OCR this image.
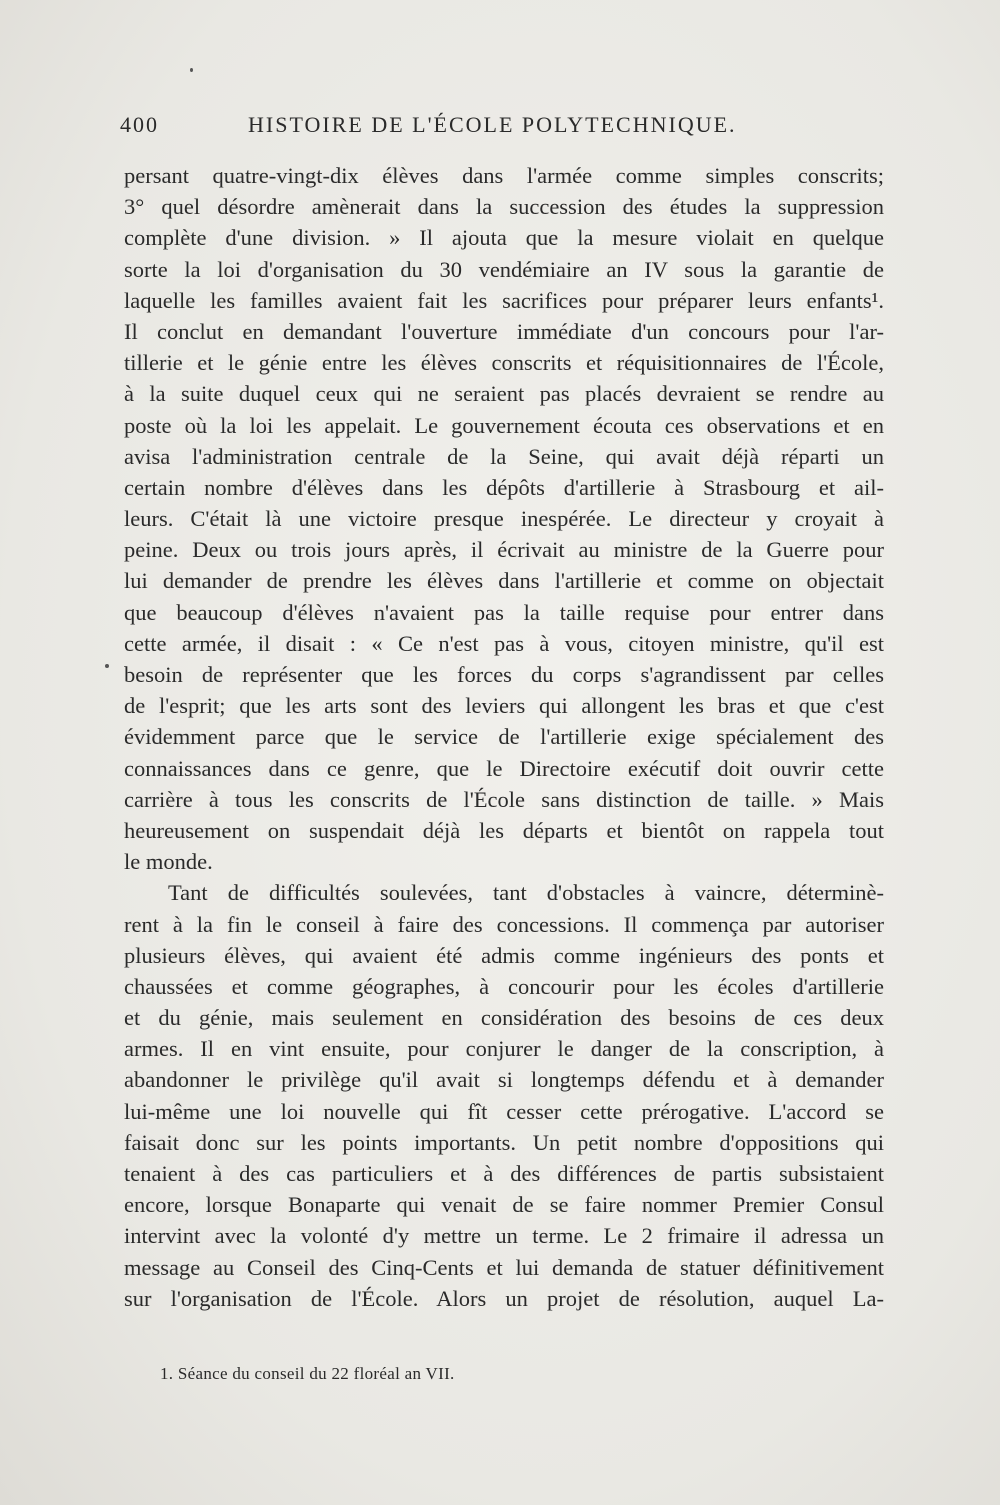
400	HISTOIRE DE L'ÉCOLE POLYTECHNIQUE.
persant quatre-vingt-dix élèves dans l'armée comme simples conscrits;
3° quel désordre amènerait dans la succession des études la suppression
complète d'une division. » Il ajouta que la mesure violait en quelque
sorte la loi d'organisation du 30 vendémiaire an IV sous la garantie de
laquelle les familles avaient fait les sacrifices pour préparer leurs enfants¹.
Il conclut en demandant l'ouverture immédiate d'un concours pour l'ar-
tillerie et le génie entre les élèves conscrits et réquisitionnaires de l'École,
à la suite duquel ceux qui ne seraient pas placés devraient se rendre au
poste où la loi les appelait. Le gouvernement écouta ces observations et en
avisa l'administration centrale de la Seine, qui avait déjà réparti un
certain nombre d'élèves dans les dépôts d'artillerie à Strasbourg et ail-
leurs. C'était là une victoire presque inespérée. Le directeur y croyait à
peine. Deux ou trois jours après, il écrivait au ministre de la Guerre pour
lui demander de prendre les élèves dans l'artillerie et comme on objectait
que beaucoup d'élèves n'avaient pas la taille requise pour entrer dans
cette armée, il disait : « Ce n'est pas à vous, citoyen ministre, qu'il est
besoin de représenter que les forces du corps s'agrandissent par celles
de l'esprit; que les arts sont des leviers qui allongent les bras et que c'est
évidemment parce que le service de l'artillerie exige spécialement des
connaissances dans ce genre, que le Directoire exécutif doit ouvrir cette
carrière à tous les conscrits de l'École sans distinction de taille. » Mais
heureusement on suspendait déjà les départs et bientôt on rappela tout
le monde.
Tant de difficultés soulevées, tant d'obstacles à vaincre, déterminè-
rent à la fin le conseil à faire des concessions. Il commença par autoriser
plusieurs élèves, qui avaient été admis comme ingénieurs des ponts et
chaussées et comme géographes, à concourir pour les écoles d'artillerie
et du génie, mais seulement en considération des besoins de ces deux
armes. Il en vint ensuite, pour conjurer le danger de la conscription, à
abandonner le privilège qu'il avait si longtemps défendu et à demander
lui-même une loi nouvelle qui fît cesser cette prérogative. L'accord se
faisait donc sur les points importants. Un petit nombre d'oppositions qui
tenaient à des cas particuliers et à des différences de partis subsistaient
encore, lorsque Bonaparte qui venait de se faire nommer Premier Consul
intervint avec la volonté d'y mettre un terme. Le 2 frimaire il adressa un
message au Conseil des Cinq-Cents et lui demanda de statuer définitivement
sur l'organisation de l'École. Alors un projet de résolution, auquel La-
1. Séance du conseil du 22 floréal an VII.
